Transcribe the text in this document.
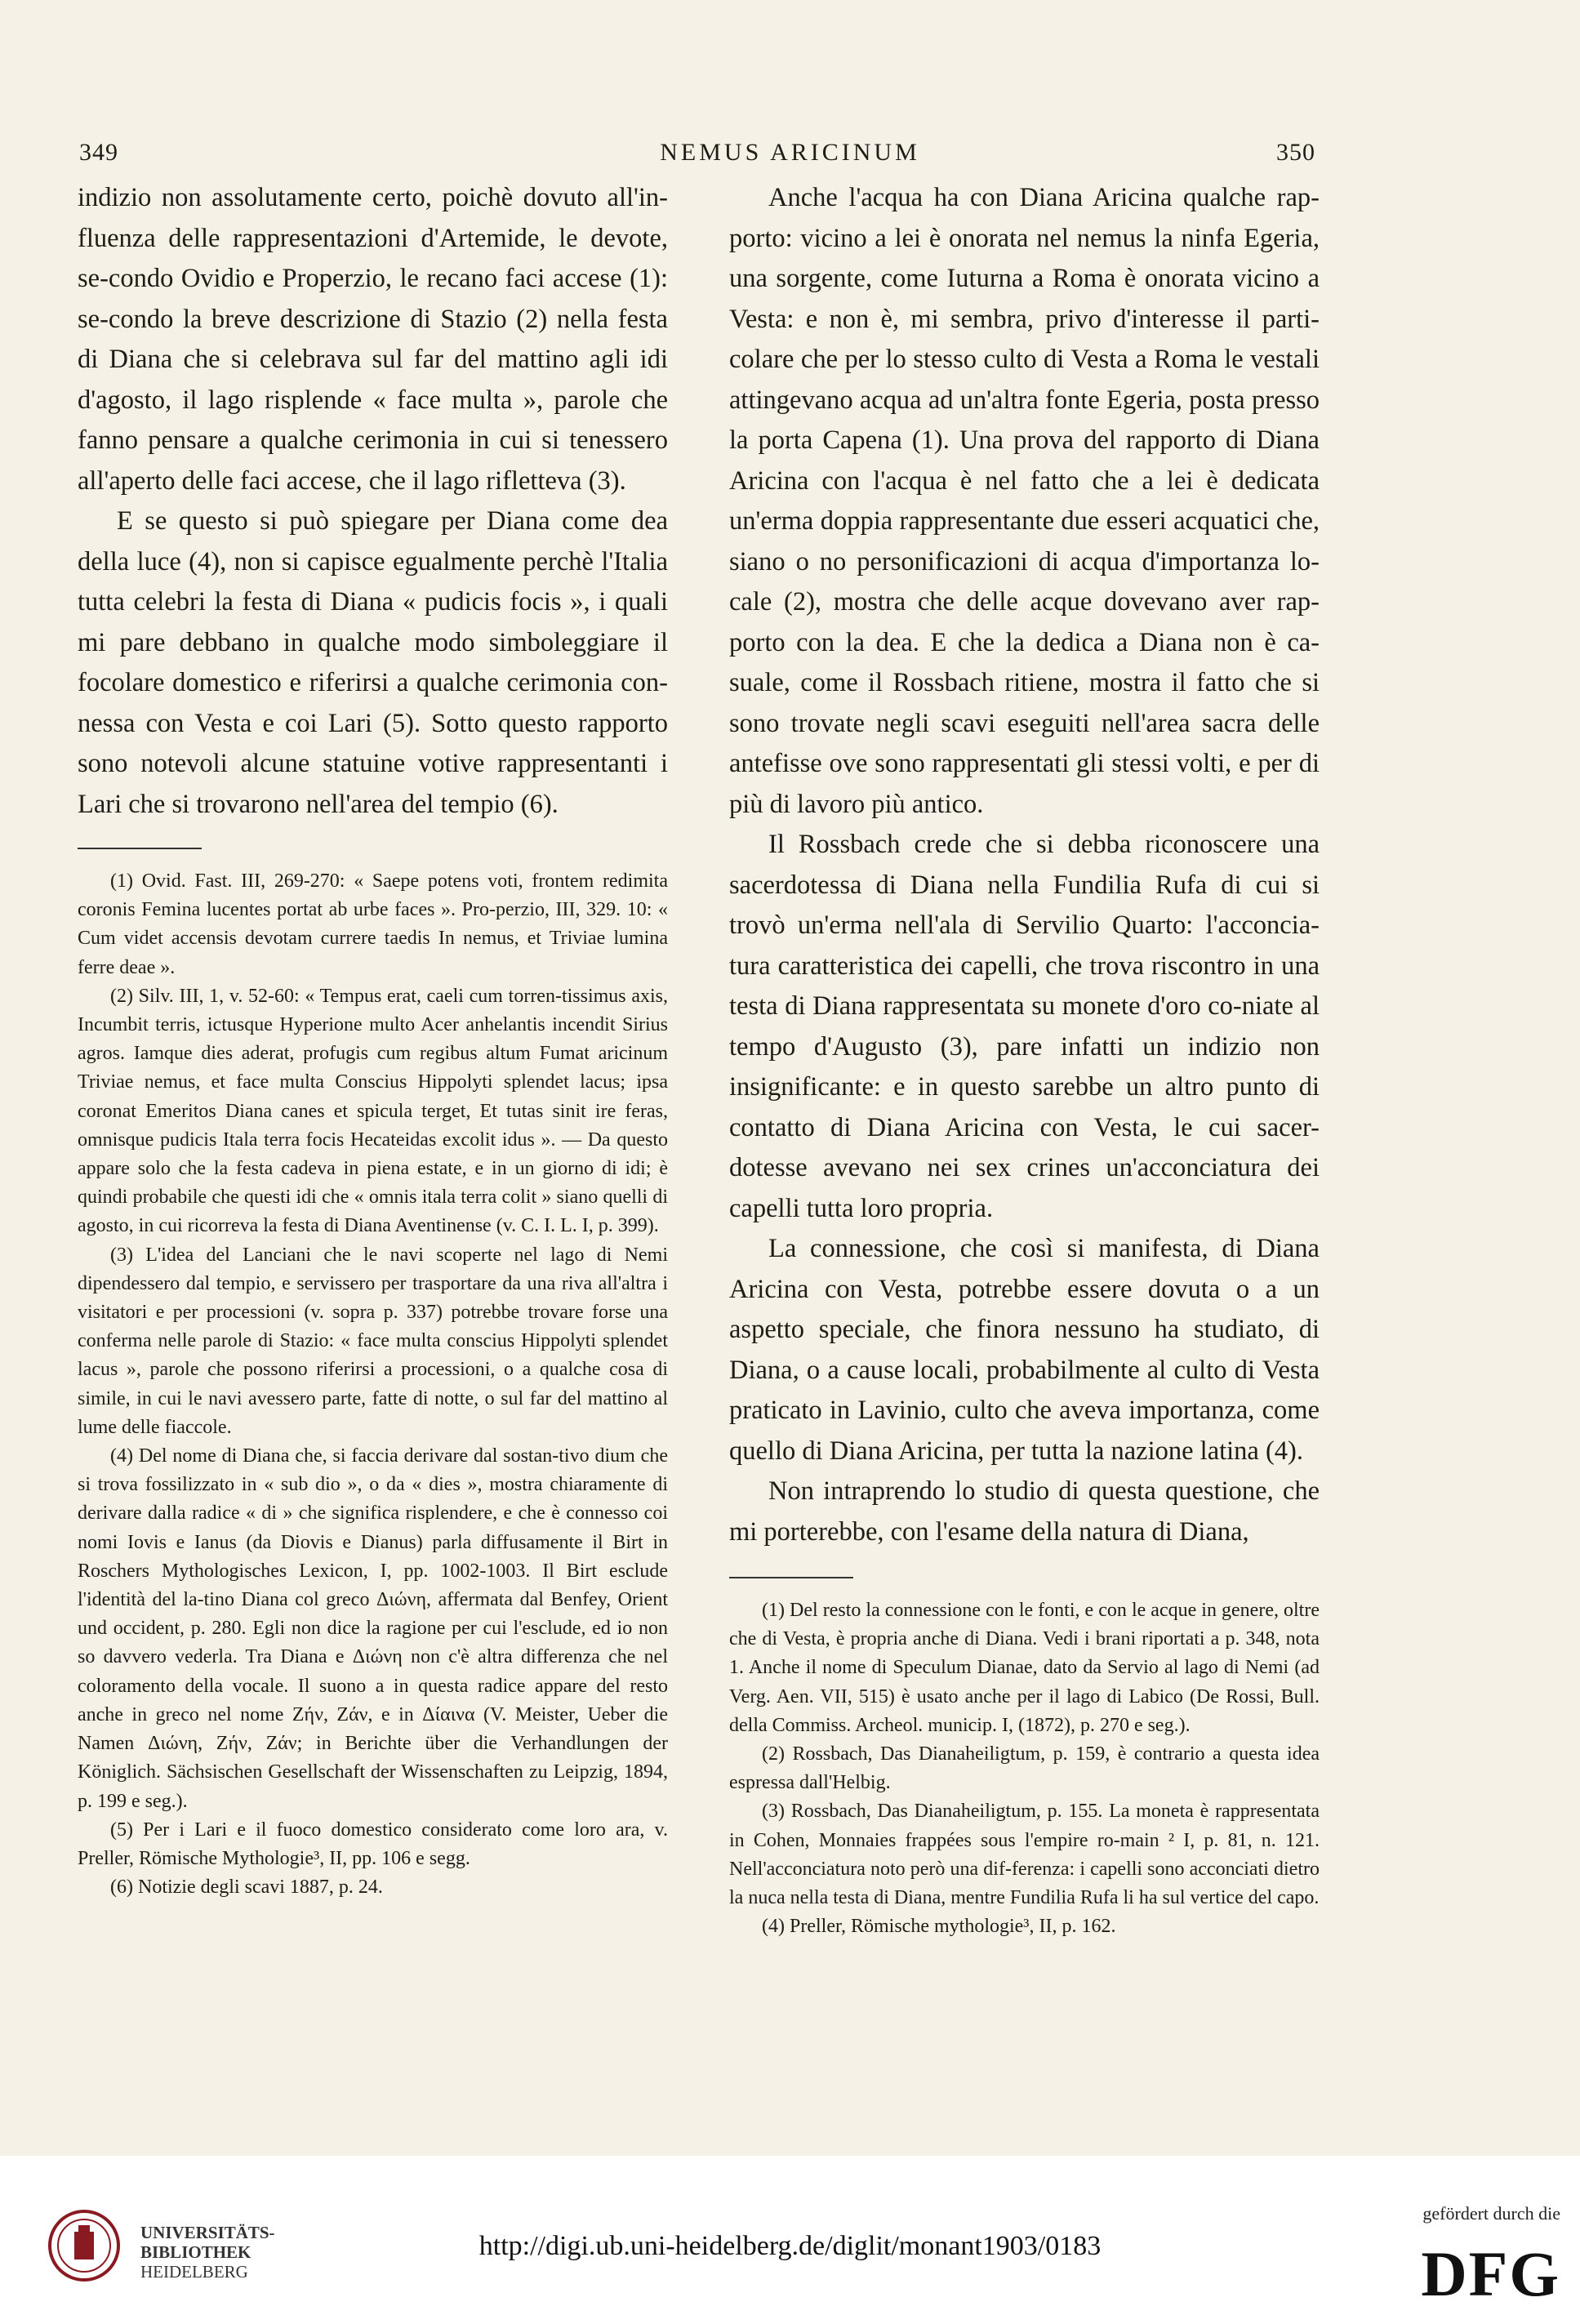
349	NEMUS ARICINUM	350

indizio non assolutamente certo, poichè dovuto all'in-fluenza delle rappresentazioni d'Artemide, le devote, se-condo Ovidio e Properzio, le recano faci accese (1): se-condo la breve descrizione di Stazio (2) nella festa di Diana che si celebrava sul far del mattino agli idi d'agosto, il lago risplende « face multa », parole che fanno pensare a qualche cerimonia in cui si tenessero all'aperto delle faci accese, che il lago rifletteva (3).

E se questo si può spiegare per Diana come dea della luce (4), non si capisce egualmente perchè l'Italia tutta celebri la festa di Diana « pudicis focis », i quali mi pare debbano in qualche modo simboleggiare il focolare domestico e riferirsi a qualche cerimonia con-nessa con Vesta e coi Lari (5). Sotto questo rapporto sono notevoli alcune statuine votive rappresentanti i Lari che si trovarono nell'area del tempio (6).

(1) Ovid. Fast. III, 269-270: « Saepe potens voti, frontem redimita coronis Femina lucentes portat ab urbe faces ». Pro-perzio, III, 329. 10: « Cum videt accensis devotam currere taedis In nemus, et Triviae lumina ferre deae ».

(2) Silv. III, 1, v. 52-60: « Tempus erat, caeli cum torren-tissimus axis, Incumbit terris, ictusque Hyperione multo Acer anhelantis incendit Sirius agros. Iamque dies aderat, profugis cum regibus altum Fumat aricinum Triviae nemus, et face multa Conscius Hippolyti splendet lacus; ipsa coronat Emeritos Diana canes et spicula terget, Et tutas sinit ire feras, omnisque pudicis Itala terra focis Hecateidas excolit idus ». — Da questo appare solo che la festa cadeva in piena estate, e in un giorno di idi; è quindi probabile che questi idi che « omnis itala terra colit » siano quelli di agosto, in cui ricorreva la festa di Diana Aventinense (v. C. I. L. I, p. 399).

(3) L'idea del Lanciani che le navi scoperte nel lago di Nemi dipendessero dal tempio, e servissero per trasportare da una riva all'altra i visitatori e per processioni (v. sopra p. 337) potrebbe trovare forse una conferma nelle parole di Stazio: « face multa conscius Hippolyti splendet lacus », parole che possono riferirsi a processioni, o a qualche cosa di simile, in cui le navi avessero parte, fatte di notte, o sul far del mattino al lume delle fiaccole.

(4) Del nome di Diana che, si faccia derivare dal sostan-tivo dium che si trova fossilizzato in « sub dio », o da « dies », mostra chiaramente di derivare dalla radice « di » che significa risplendere, e che è connesso coi nomi Iovis e Ianus (da Diovis e Dianus) parla diffusamente il Birt in Roschers Mythologisches Lexicon, I, pp. 1002-1003. Il Birt esclude l'identità del la-tino Diana col greco Διώνη, affermata dal Benfey, Orient und occident, p. 280. Egli non dice la ragione per cui l'esclude, ed io non so davvero vederla. Tra Diana e Διώνη non c'è altra differenza che nel coloramento della vocale. Il suono a in questa radice appare del resto anche in greco nel nome Ζήν, Ζάν, e in Δίαινα (V. Meister, Ueber die Namen Διώνη, Ζήν, Ζάν; in Berichte über die Verhandlungen der Königlich. Sächsischen Gesellschaft der Wissenschaften zu Leipzig, 1894, p. 199 e seg.).

(5) Per i Lari e il fuoco domestico considerato come loro ara, v. Preller, Römische Mythologie³, II, pp. 106 e segg.

(6) Notizie degli scavi 1887, p. 24.

Anche l'acqua ha con Diana Aricina qualche rap-porto: vicino a lei è onorata nel nemus la ninfa Egeria, una sorgente, come Iuturna a Roma è onorata vicino a Vesta: e non è, mi sembra, privo d'interesse il parti-colare che per lo stesso culto di Vesta a Roma le vestali attingevano acqua ad un'altra fonte Egeria, posta presso la porta Capena (1). Una prova del rapporto di Diana Aricina con l'acqua è nel fatto che a lei è dedicata un'erma doppia rappresentante due esseri acquatici che, siano o no personificazioni di acqua d'importanza lo-cale (2), mostra che delle acque dovevano aver rap-porto con la dea. E che la dedica a Diana non è ca-suale, come il Rossbach ritiene, mostra il fatto che si sono trovate negli scavi eseguiti nell'area sacra delle antefisse ove sono rappresentati gli stessi volti, e per di più di lavoro più antico.

Il Rossbach crede che si debba riconoscere una sacerdotessa di Diana nella Fundilia Rufa di cui si trovò un'erma nell'ala di Servilio Quarto: l'acconcia-tura caratteristica dei capelli, che trova riscontro in una testa di Diana rappresentata su monete d'oro co-niate al tempo d'Augusto (3), pare infatti un indizio non insignificante: e in questo sarebbe un altro punto di contatto di Diana Aricina con Vesta, le cui sacer-dotesse avevano nei sex crines un'acconciatura dei capelli tutta loro propria.

La connessione, che così si manifesta, di Diana Aricina con Vesta, potrebbe essere dovuta o a un aspetto speciale, che finora nessuno ha studiato, di Diana, o a cause locali, probabilmente al culto di Vesta praticato in Lavinio, culto che aveva importanza, come quello di Diana Aricina, per tutta la nazione latina (4).

Non intraprendo lo studio di questa questione, che mi porterebbe, con l'esame della natura di Diana,

(1) Del resto la connessione con le fonti, e con le acque in genere, oltre che di Vesta, è propria anche di Diana. Vedi i brani riportati a p. 348, nota 1. Anche il nome di Speculum Dianae, dato da Servio al lago di Nemi (ad Verg. Aen. VII, 515) è usato anche per il lago di Labico (De Rossi, Bull. della Commiss. Archeol. municip. I, (1872), p. 270 e seg.).

(2) Rossbach, Das Dianaheiligtum, p. 159, è contrario a questa idea espressa dall'Helbig.

(3) Rossbach, Das Dianaheiligtum, p. 155. La moneta è rappresentata in Cohen, Monnaies frappées sous l'empire ro-main ² I, p. 81, n. 121. Nell'acconciatura noto però una dif-ferenza: i capelli sono acconciati dietro la nuca nella testa di Diana, mentre Fundilia Rufa li ha sul vertice del capo.

(4) Preller, Römische mythologie³, II, p. 162.

UNIVERSITÄTS-
BIBLIOTHEK
HEIDELBERG
http://digi.ub.uni-heidelberg.de/diglit/monant1903/0183
gefördert durch die
DFG
